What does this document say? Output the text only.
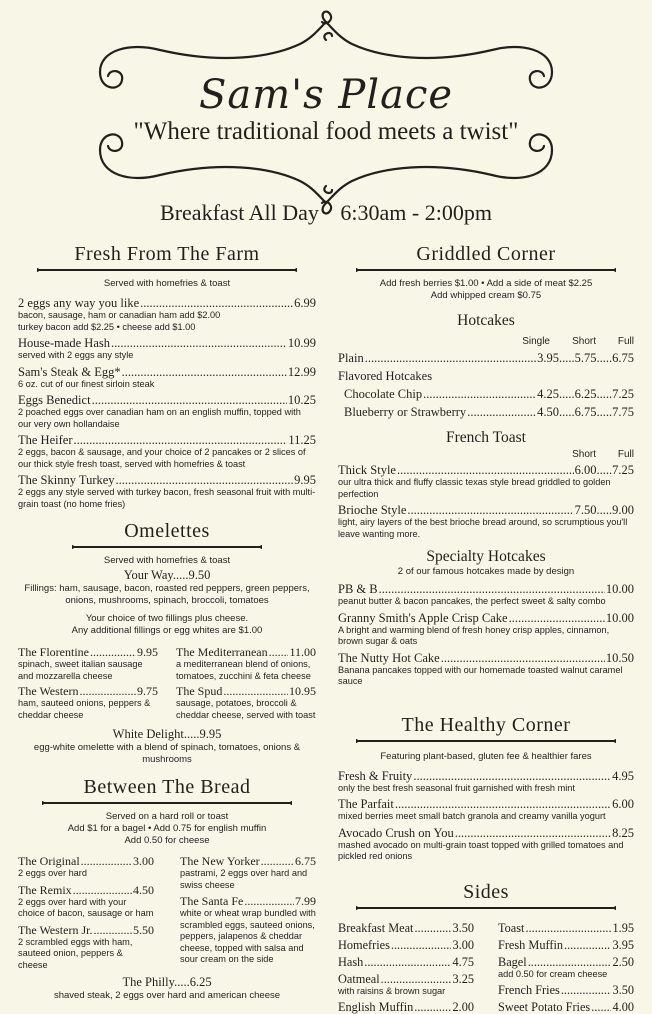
Sam's Place
"Where traditional food meets a twist"
Breakfast All Day 6:30am - 2:00pm
Fresh From The Farm
Served with homefries & toast
2 eggs any way you like .....	6.99
bacon, sausage, ham or canadian ham add $2.00
turkey bacon add $2.25 • cheese add $1.00
House-made Hash .....	10.99
served with 2 eggs any style
Sam's Steak & Egg* .....	12.99
6 oz. cut of our finest sirloin steak
Eggs Benedict .....	10.25
2 poached eggs over canadian ham on an english muffin, topped with our very own hollandaise
The Heifer .....	11.25
2 eggs, bacon & sausage, and your choice of 2 pancakes or 2 slices of our thick style fresh toast, served with homefries & toast
The Skinny Turkey .....	9.95
2 eggs any style served with turkey bacon, fresh seasonal fruit with multi-grain toast (no home fries)
Omelettes
Served with homefries & toast
Your Way.....9.50
Fillings: ham, sausage, bacon, roasted red peppers, green peppers, onions, mushrooms, spinach, broccoli, tomatoes
Your choice of two fillings plus cheese.
Any additional fillings or egg whites are $1.00
The Florentine .....	9.95
spinach, sweet italian sausage and mozzarella cheese
The Mediterranean ..... 11.00
a mediterranean blend of onions, tomatoes, zucchini & feta cheese
The Western .....	9.75
ham, sauteed onions, peppers & cheddar cheese
The Spud .....	10.95
sausage, potatoes, broccoli & cheddar cheese, served with toast
White Delight.....9.95
egg-white omelette with a blend of spinach, tomatoes, onions & mushrooms
Between The Bread
Served on a hard roll or toast
Add $1 for a bagel • Add 0.75 for english muffin
Add 0.50 for cheese
The Original .....	3.00
2 eggs over hard
The Remix .....	4.50
2 eggs over hard with your choice of bacon, sausage or ham
The Western Jr. .....	5.50
2 scrambled eggs with ham, sauteed onion, peppers & cheese
The New Yorker .....	6.75
pastrami, 2 eggs over hard and swiss cheese
The Santa Fe .....	7.99
white or wheat wrap bundled with scrambled eggs, sauteed onions, peppers, jalapenos & cheddar cheese, topped with salsa and sour cream on the side
The Philly.....6.25
shaved steak, 2 eggs over hard and american cheese
Griddled Corner
Add fresh berries $1.00 • Add a side of meat $2.25
Add whipped cream $0.75
Hotcakes
Single	Short	Full
Plain .....	3.95 ..... 5.75 ..... 6.75
Flavored Hotcakes
Chocolate Chip .....	4.25 ..... 6.25 ..... 7.25
Blueberry or Strawberry .....	4.50 ..... 6.75 ..... 7.75
French Toast
Short	Full
Thick Style .....	6.00 ..... 7.25
our ultra thick and fluffy classic texas style bread griddled to golden perfection
Brioche Style .....	7.50 ..... 9.00
light, airy layers of the best brioche bread around, so scrumptious you'll leave wanting more.
Specialty Hotcakes
2 of our famous hotcakes made by design
PB & B .....	10.00
peanut butter & bacon pancakes, the perfect sweet & salty combo
Granny Smith's Apple Crisp Cake .....	10.00
A bright and warming blend of fresh honey crisp apples, cinnamon, brown sugar & oats
The Nutty Hot Cake .....	10.50
Banana pancakes topped with our homemade toasted walnut caramel sauce
The Healthy Corner
Featuring plant-based, gluten fee & healthier fares
Fresh & Fruity .....	4.95
only the best fresh seasonal fruit garnished with fresh mint
The Parfait .....	6.00
mixed berries meet small batch granola and creamy vanilla yogurt
Avocado Crush on You .....	8.25
mashed avocado on multi-grain toast topped with grilled tomatoes and pickled red onions
Sides
Breakfast Meat .....	3.50
Homefries .....	3.00
Hash .....	4.75
Oatmeal .....	3.25
with raisins & brown sugar
English Muffin .....	2.00
Toast .....	1.95
Fresh Muffin .....	3.95
Bagel .....	2.50
add 0.50 for cream cheese
French Fries .....	3.50
Sweet Potato Fries ..... 4.00
